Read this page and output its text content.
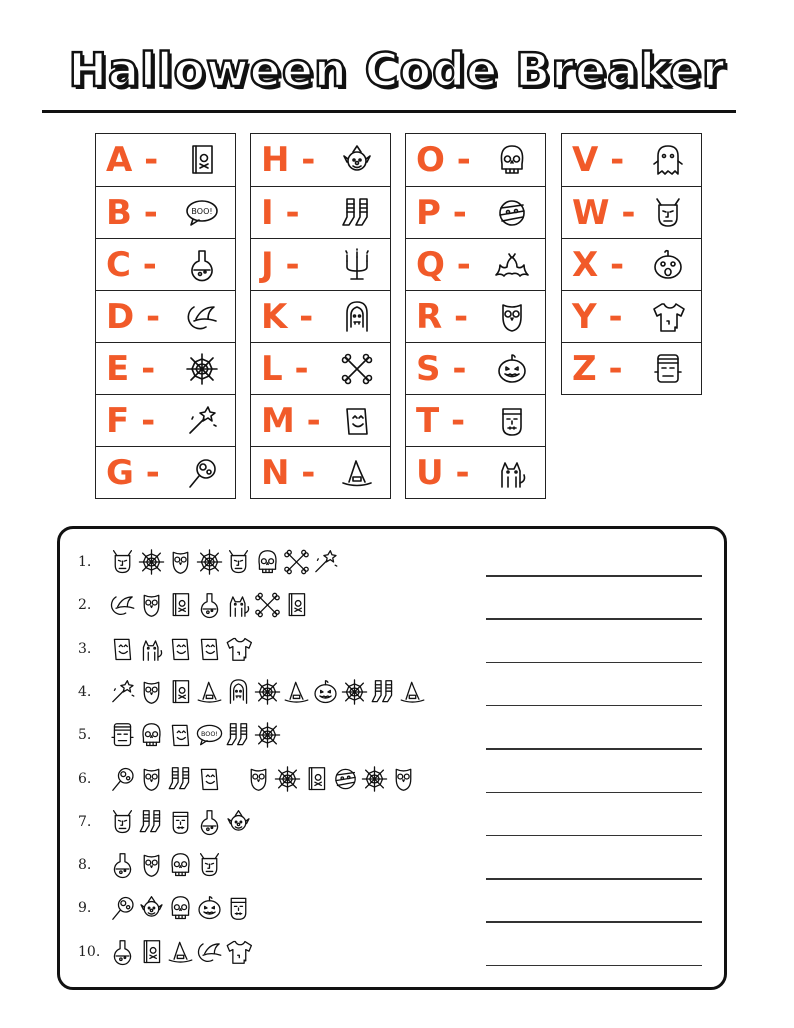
Halloween Code Breaker
A -
B -	BOO!
C -
D -
E -
F -
G -
H -
I -
J -
K -
L -
M -
N -
O -
P -
Q -
R -
S -
T -
U -
V -
W -
X -
Y -
Z -
1.
2.
3.
4.
5.	BOO!
6.
7.
8.
9.
10.
